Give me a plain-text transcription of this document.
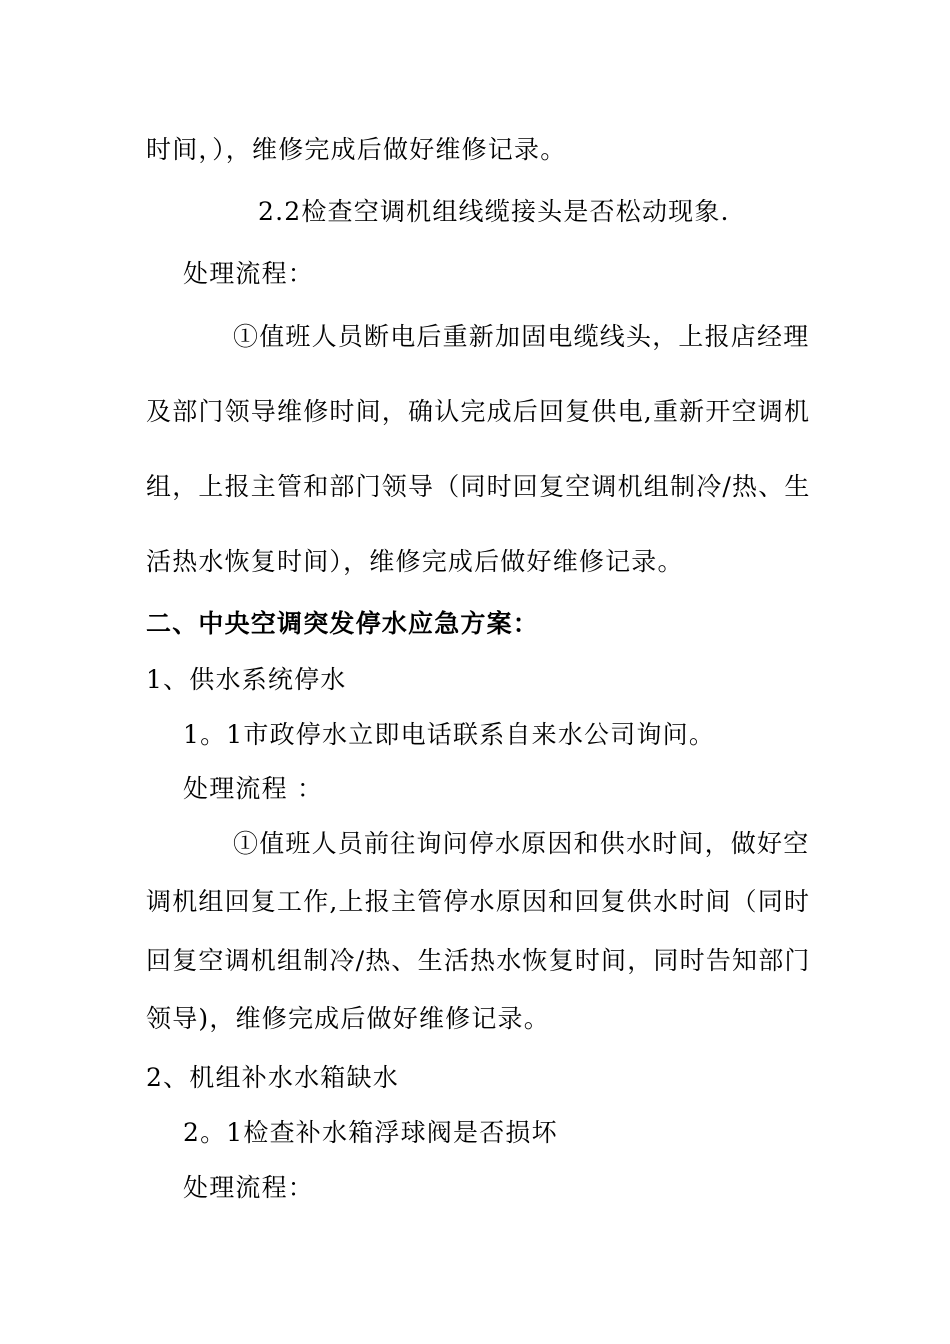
时间，），维修完成后做好维修记录。
2.2检查空调机组线缆接头是否松动现象.
处理流程：
①值班人员断电后重新加固电缆线头，上报店经理
及部门领导维修时间，确认完成后回复供电,重新开空调机
组，上报主管和部门领导（同时回复空调机组制冷/热、生
活热水恢复时间），维修完成后做好维修记录。
二、中央空调突发停水应急方案：
1、供水系统停水
1。1市政停水立即电话联系自来水公司询问。
处理流程 ：
①值班人员前往询问停水原因和供水时间，做好空
调机组回复工作,上报主管停水原因和回复供水时间（同时
回复空调机组制冷/热、生活热水恢复时间，同时告知部门
领导)，维修完成后做好维修记录。
2、机组补水水箱缺水
2。1检查补水箱浮球阀是否损坏
处理流程：
